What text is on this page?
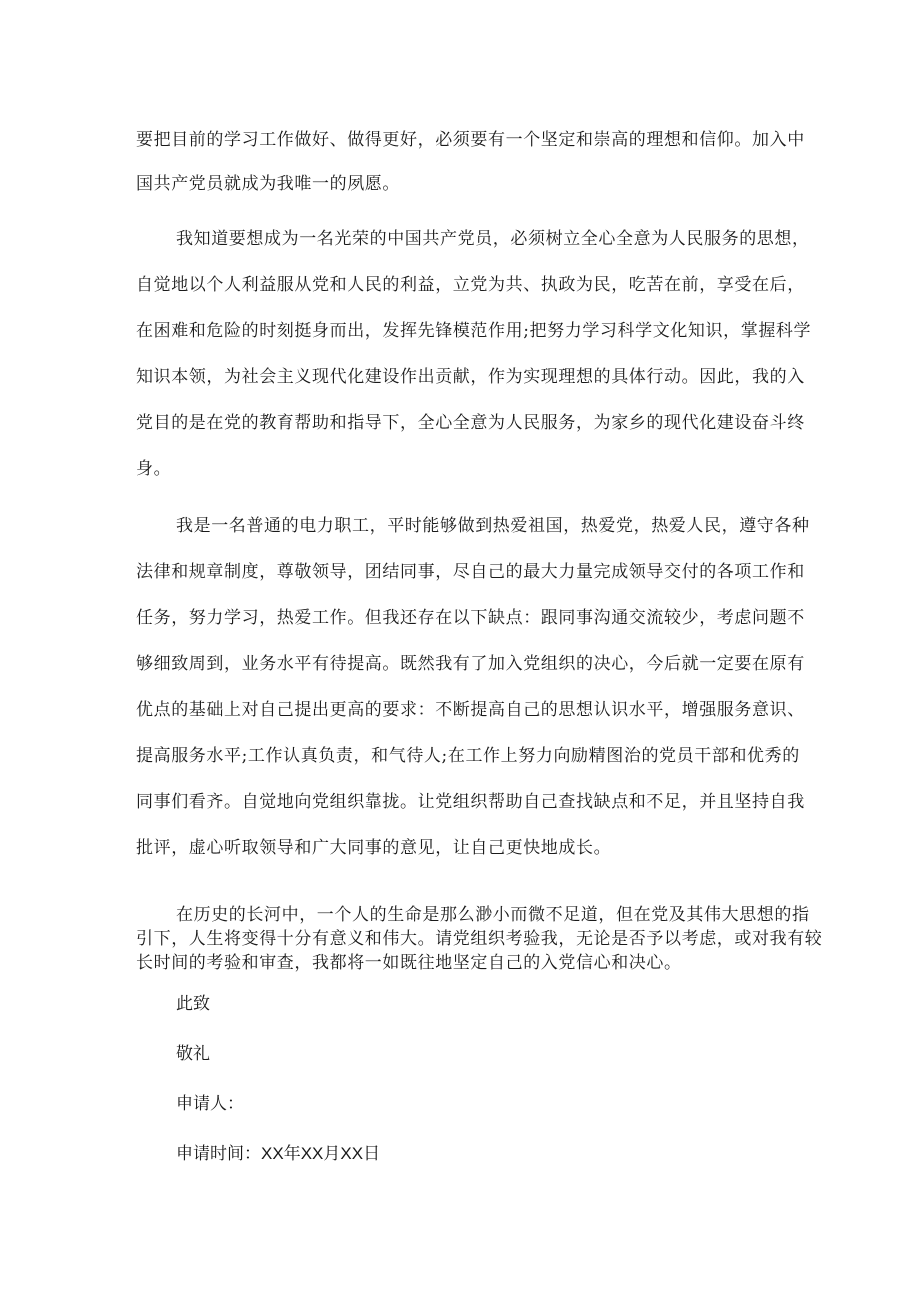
要把目前的学习工作做好、做得更好，必须要有一个坚定和崇高的理想和信仰。加入中
国共产党员就成为我唯一的夙愿。
我知道要想成为一名光荣的中国共产党员，必须树立全心全意为人民服务的思想，
自觉地以个人利益服从党和人民的利益，立党为共、执政为民，吃苦在前，享受在后，
在困难和危险的时刻挺身而出，发挥先锋模范作用;把努力学习科学文化知识，掌握科学
知识本领，为社会主义现代化建设作出贡献，作为实现理想的具体行动。因此，我的入
党目的是在党的教育帮助和指导下，全心全意为人民服务，为家乡的现代化建设奋斗终
身。
我是一名普通的电力职工，平时能够做到热爱祖国，热爱党，热爱人民，遵守各种
法律和规章制度，尊敬领导，团结同事，尽自己的最大力量完成领导交付的各项工作和
任务，努力学习，热爱工作。但我还存在以下缺点：跟同事沟通交流较少，考虑问题不
够细致周到，业务水平有待提高。既然我有了加入党组织的决心，今后就一定要在原有
优点的基础上对自己提出更高的要求：不断提高自己的思想认识水平，增强服务意识、
提高服务水平;工作认真负责，和气待人;在工作上努力向励精图治的党员干部和优秀的
同事们看齐。自觉地向党组织靠拢。让党组织帮助自己查找缺点和不足，并且坚持自我
批评，虚心听取领导和广大同事的意见，让自己更快地成长。
在历史的长河中，一个人的生命是那么渺小而微不足道，但在党及其伟大思想的指
引下，人生将变得十分有意义和伟大。请党组织考验我，无论是否予以考虑，或对我有较
长时间的考验和审查，我都将一如既往地坚定自己的入党信心和决心。
此致
敬礼
申请人：
申请时间：XX年XX月XX日
